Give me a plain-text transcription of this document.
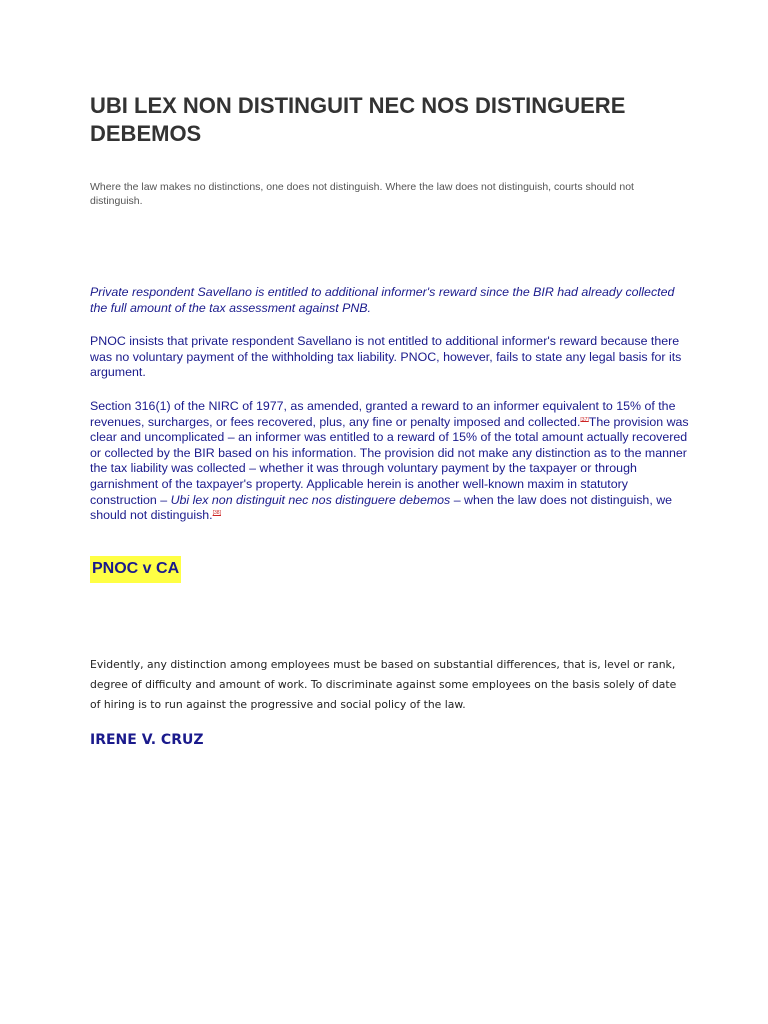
UBI LEX NON DISTINGUIT NEC NOS DISTINGUERE DEBEMOS

Where the law makes no distinctions, one does not distinguish. Where the law does not distinguish, courts should not distinguish.

Private respondent Savellano is entitled to additional informer's reward since the BIR had already collected the full amount of the tax assessment against PNB.

PNOC insists that private respondent Savellano is not entitled to additional informer's reward because there was no voluntary payment of the withholding tax liability. PNOC, however, fails to state any legal basis for its argument.

Section 316(1) of the NIRC of 1977, as amended, granted a reward to an informer equivalent to 15% of the revenues, surcharges, or fees recovered, plus, any fine or penalty imposed and collected.[37]The provision was clear and uncomplicated – an informer was entitled to a reward of 15% of the total amount actually recovered or collected by the BIR based on his information. The provision did not make any distinction as to the manner the tax liability was collected – whether it was through voluntary payment by the taxpayer or through garnishment of the taxpayer's property. Applicable herein is another well-known maxim in statutory construction – Ubi lex non distinguit nec nos distinguere debemos – when the law does not distinguish, we should not distinguish.[38]

PNOC v CA

Evidently, any distinction among employees must be based on substantial differences, that is, level or rank, degree of difficulty and amount of work. To discriminate against some employees on the basis solely of date of hiring is to run against the progressive and social policy of the law.

IRENE V. CRUZ
